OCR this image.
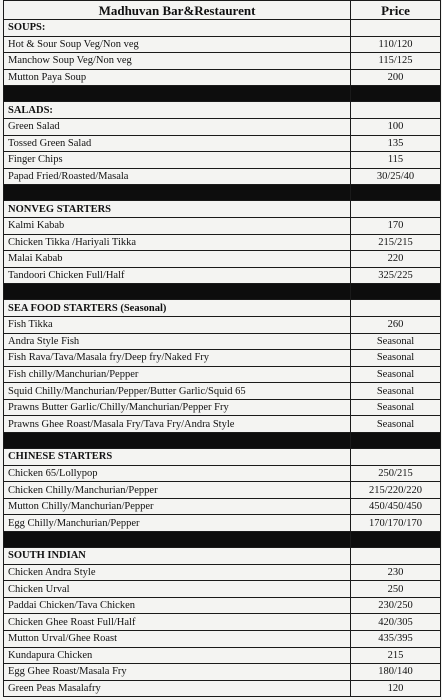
Madhuvan Bar&Restaurent	Price
SOUPS:	
Hot & Sour Soup Veg/Non veg	110/120
Manchow Soup Veg/Non veg	115/125
Mutton Paya Soup	200

SALADS:	
Green Salad	100
Tossed Green Salad	135
Finger Chips	115
Papad Fried/Roasted/Masala	30/25/40

NONVEG STARTERS	
Kalmi Kabab	170
Chicken Tikka /Hariyali Tikka	215/215
Malai Kabab	220
Tandoori Chicken Full/Half	325/225

SEA FOOD STARTERS (Seasonal)	
Fish Tikka	260
Andra Style Fish	Seasonal
Fish Rava/Tava/Masala fry/Deep fry/Naked Fry	Seasonal
Fish chilly/Manchurian/Pepper	Seasonal
Squid Chilly/Manchurian/Pepper/Butter Garlic/Squid 65	Seasonal
Prawns Butter Garlic/Chilly/Manchurian/Pepper Fry	Seasonal
Prawns Ghee Roast/Masala Fry/Tava Fry/Andra Style	Seasonal

CHINESE STARTERS	
Chicken 65/Lollypop	250/215
Chicken Chilly/Manchurian/Pepper	215/220/220
Mutton Chilly/Manchurian/Pepper	450/450/450
Egg Chilly/Manchurian/Pepper	170/170/170

SOUTH INDIAN	
Chicken Andra Style	230
Chicken Urval	250
Paddai Chicken/Tava Chicken	230/250
Chicken Ghee Roast Full/Half	420/305
Mutton Urval/Ghee Roast	435/395
Kundapura Chicken	215
Egg Ghee Roast/Masala Fry	180/140
Green Peas Masalafry	120
